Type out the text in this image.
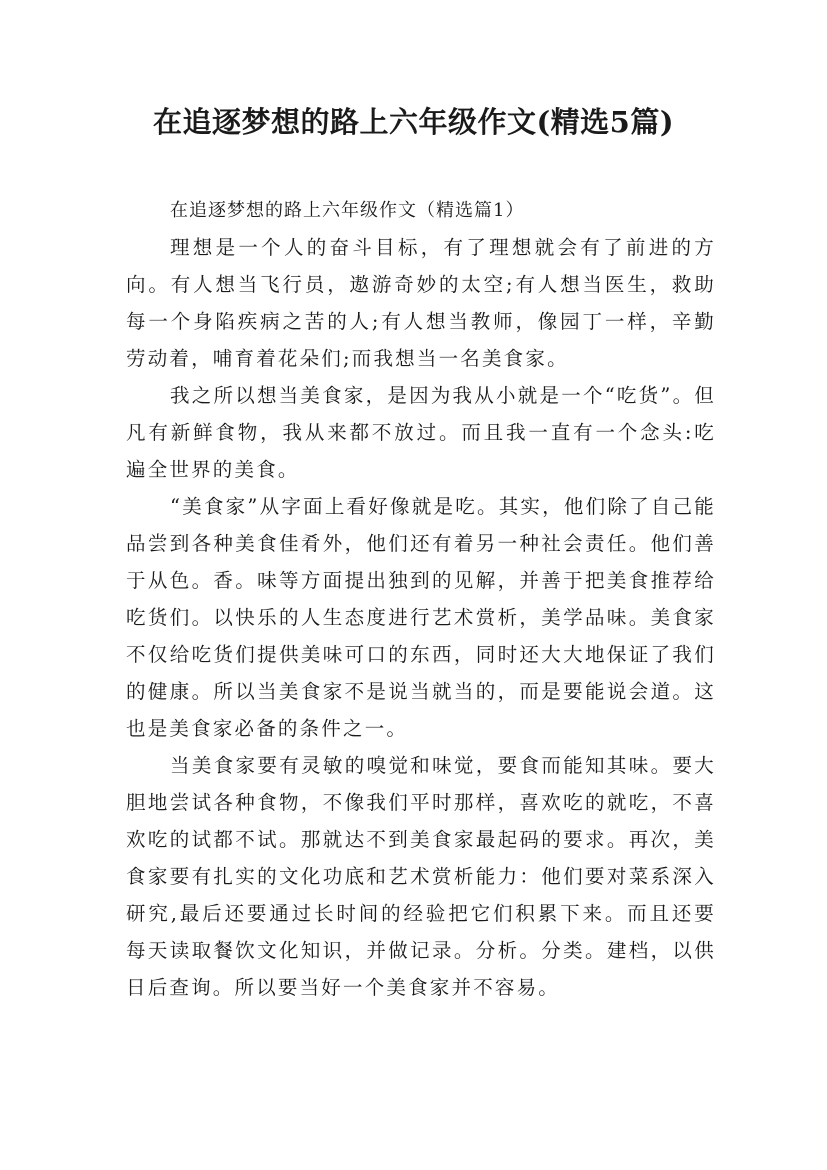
在追逐梦想的路上六年级作文(精选5篇)

在追逐梦想的路上六年级作文（精选篇1）

理想是一个人的奋斗目标，有了理想就会有了前进的方向。有人想当飞行员，遨游奇妙的太空;有人想当医生，救助每一个身陷疾病之苦的人;有人想当教师，像园丁一样，辛勤劳动着，哺育着花朵们;而我想当一名美食家。

我之所以想当美食家，是因为我从小就是一个“吃货”。但凡有新鲜食物，我从来都不放过。而且我一直有一个念头:吃遍全世界的美食。

“美食家”从字面上看好像就是吃。其实，他们除了自己能品尝到各种美食佳肴外，他们还有着另一种社会责任。他们善于从色。香。味等方面提出独到的见解，并善于把美食推荐给吃货们。以快乐的人生态度进行艺术赏析，美学品味。美食家不仅给吃货们提供美味可口的东西，同时还大大地保证了我们的健康。所以当美食家不是说当就当的，而是要能说会道。这也是美食家必备的条件之一。

当美食家要有灵敏的嗅觉和味觉，要食而能知其味。要大胆地尝试各种食物，不像我们平时那样，喜欢吃的就吃，不喜欢吃的试都不试。那就达不到美食家最起码的要求。再次，美食家要有扎实的文化功底和艺术赏析能力：他们要对菜系深入研究,最后还要通过长时间的经验把它们积累下来。而且还要每天读取餐饮文化知识，并做记录。分析。分类。建档，以供日后查询。所以要当好一个美食家并不容易。
